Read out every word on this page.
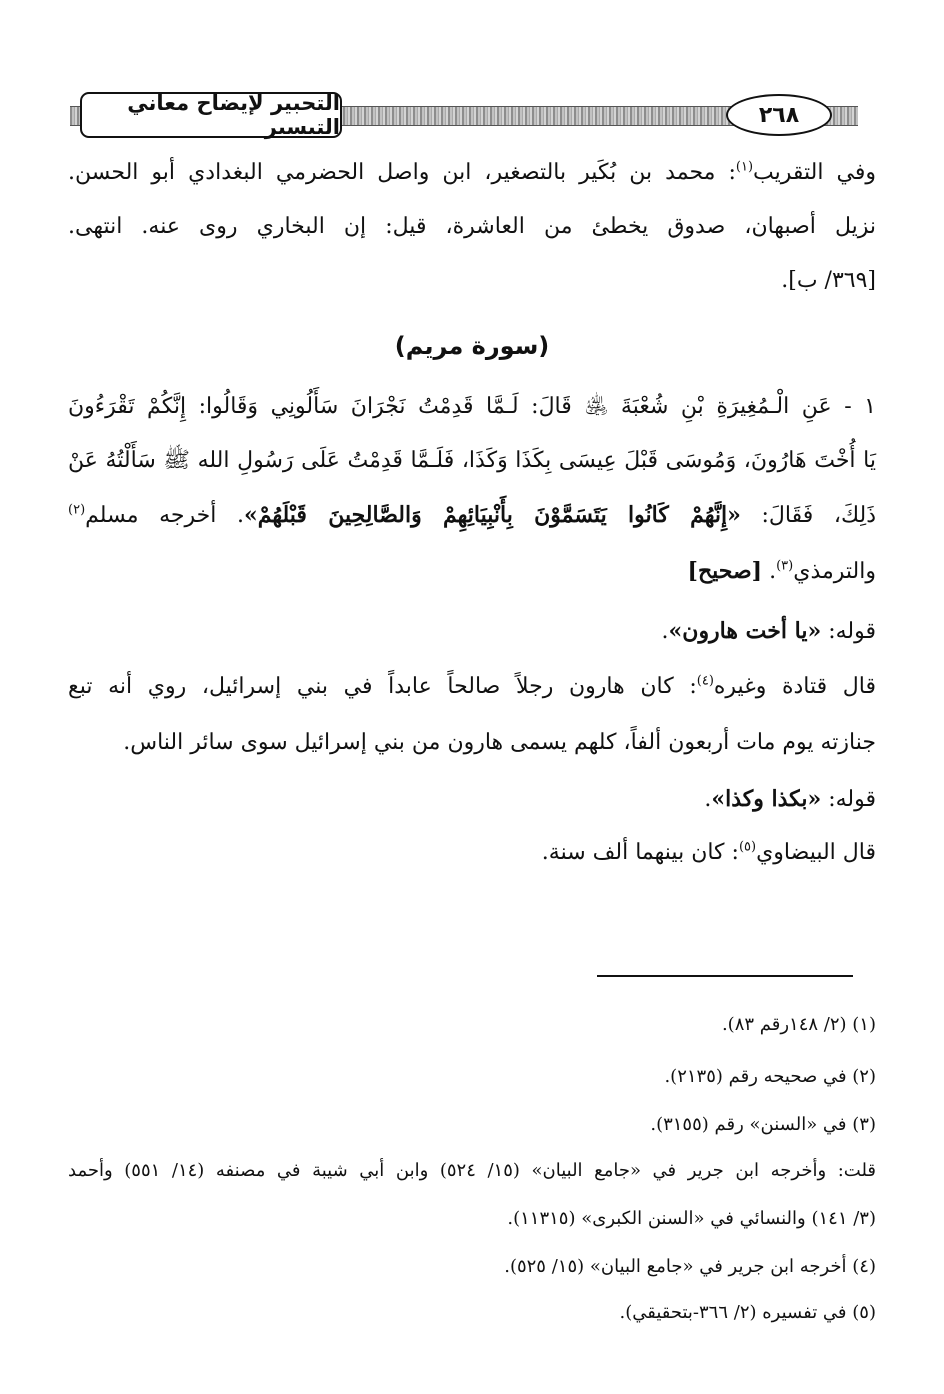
٢٦٨
التحبير لإيضاح معاني التيسير
وفي التقريب$^{(١)}$: محمد بن بُكَير بالتصغير، ابن واصل الحضرمي البغدادي أبو الحسن.
نزيل أصبهان، صدوق يخطئ من العاشرة، قيل: إن البخاري روى عنه. انتهى.
[٣٦٩/ ب].
(سورة مريم)
١ - عَنِ الْـمُغِيرَةِ بْنِ شُعْبَةَ ﵁ قَالَ: لَـمَّا قَدِمْتُ نَجْرَانَ سَأَلُونِي وَقَالُوا: إِنَّكُمْ تَقْرَءُونَ
يَا أُخْتَ هَارُونَ، وَمُوسَى قَبْلَ عِيسَى بِكَذَا وَكَذَا، فَلَـمَّا قَدِمْتُ عَلَى رَسُولِ الله ﷺ سَأَلْتُهُ عَنْ
ذَلِكَ، فَقَالَ: «إِنَّهُمْ كَانُوا يَتَسَمَّوْنَ بِأَنْبِيَائِهِمْ وَالصَّالِحِينَ قَبْلَهُمْ». أخرجه مسلم$^{(٢)}$
والترمذي$^{(٣)}$. [صحيح]
قوله: «يا أخت هارون».
قال قتادة وغيره$^{(٤)}$: كان هارون رجلاً صالحاً عابداً في بني إسرائيل، روي أنه تبع
جنازته يوم مات أربعون ألفاً، كلهم يسمى هارون من بني إسرائيل سوى سائر الناس.
قوله: «بكذا وكذا».
قال البيضاوي$^{(٥)}$: كان بينهما ألف سنة.
(١) (٢/ ١٤٨رقم ٨٣).
(٢) في صحيحه رقم (٢١٣٥).
(٣) في «السنن» رقم (٣١٥٥).
قلت: وأخرجه ابن جرير في «جامع البيان» (١٥/ ٥٢٤) وابن أبي شيبة في مصنفه (١٤/ ٥٥١) وأحمد
(٣/ ١٤١) والنسائي في «السنن الكبرى» (١١٣١٥).
(٤) أخرجه ابن جرير في «جامع البيان» (١٥/ ٥٢٥).
(٥) في تفسيره (٢/ ٣٦٦-بتحقيقي).
